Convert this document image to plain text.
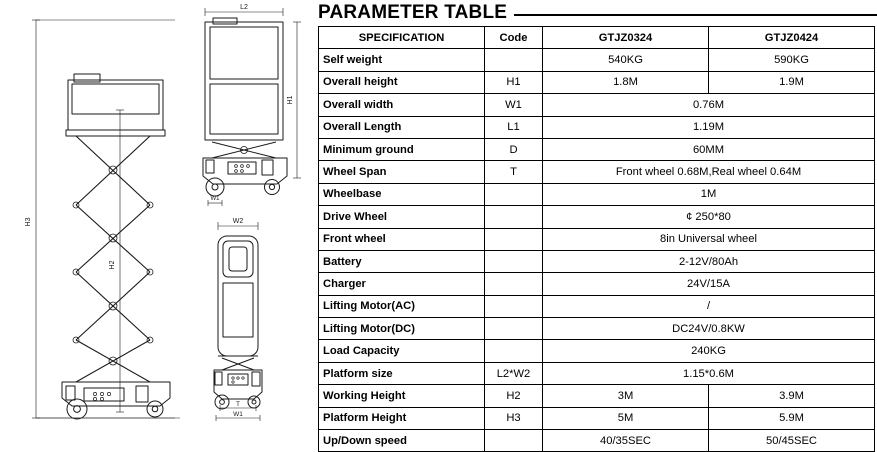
H3
H2
L2
H1
W1
W2
T
W1
PARAMETER TABLE
SPECIFICATION	Code	GTJZ0324	GTJZ0424
Self weight		540KG	590KG
Overall height	H1	1.8M	1.9M
Overall width	W1	0.76M	
Overall Length	L1	1.19M	
Minimum ground	D	60MM	
Wheel Span	T	Front wheel 0.68M,Real wheel 0.64M	
Wheelbase		1M	
Drive Wheel		¢ 250*80	
Front wheel		8in Universal wheel	
Battery		2-12V/80Ah	
Charger		24V/15A	
Lifting Motor(AC)		/	
Lifting Motor(DC)		DC24V/0.8KW	
Load Capacity		240KG	
Platform size	L2*W2	1.15*0.6M	
Working Height	H2	3M	3.9M
Platform Height	H3	5M	5.9M
Up/Down speed		40/35SEC	50/45SEC
